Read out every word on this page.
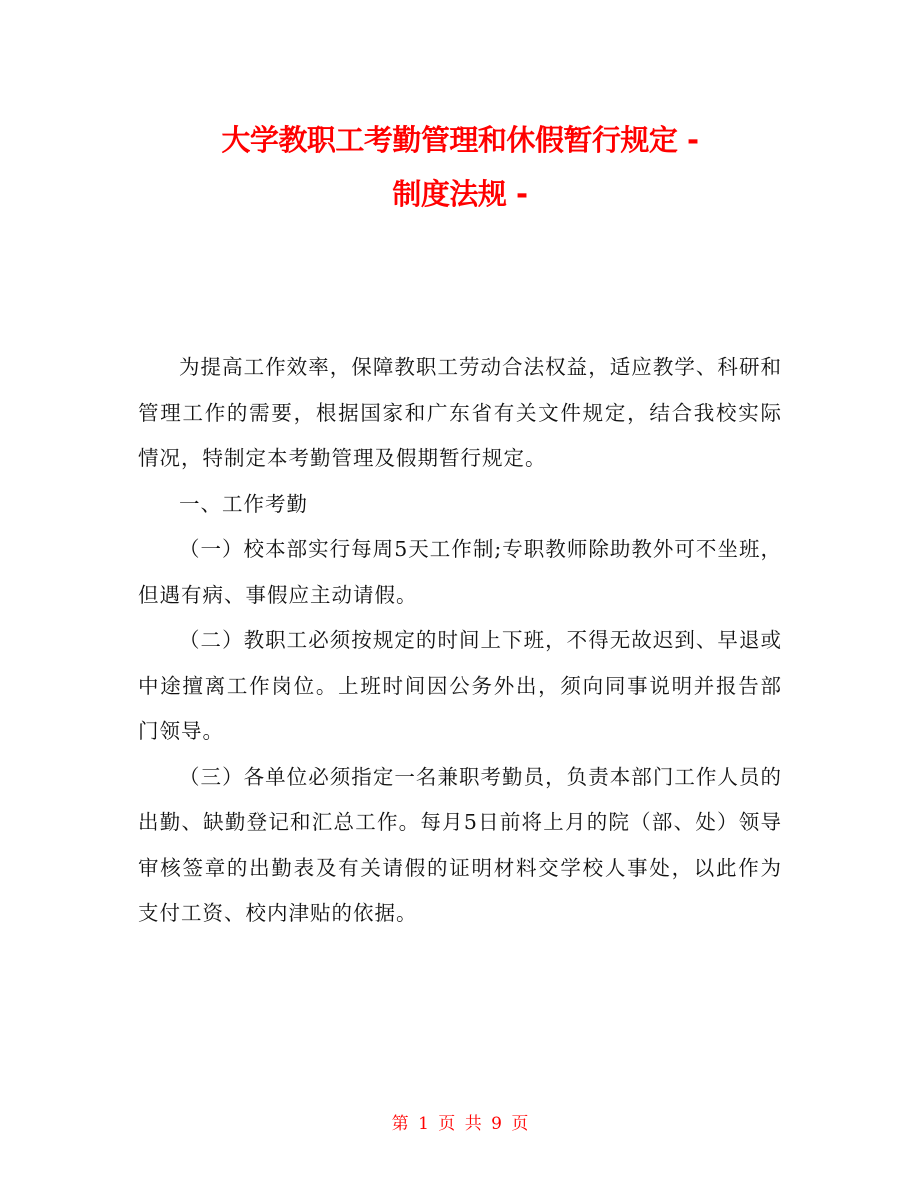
大学教职工考勤管理和休假暂行规定 -
制度法规 -

为提高工作效率，保障教职工劳动合法权益，适应教学、科研和管理工作的需要，根据国家和广东省有关文件规定，结合我校实际情况，特制定本考勤管理及假期暂行规定。

一、工作考勤

（一）校本部实行每周5天工作制;专职教师除助教外可不坐班，但遇有病、事假应主动请假。

（二）教职工必须按规定的时间上下班，不得无故迟到、早退或中途擅离工作岗位。上班时间因公务外出，须向同事说明并报告部门领导。

（三）各单位必须指定一名兼职考勤员，负责本部门工作人员的出勤、缺勤登记和汇总工作。每月5日前将上月的院（部、处）领导审核签章的出勤表及有关请假的证明材料交学校人事处，以此作为支付工资、校内津贴的依据。

第 1 页 共 9 页
